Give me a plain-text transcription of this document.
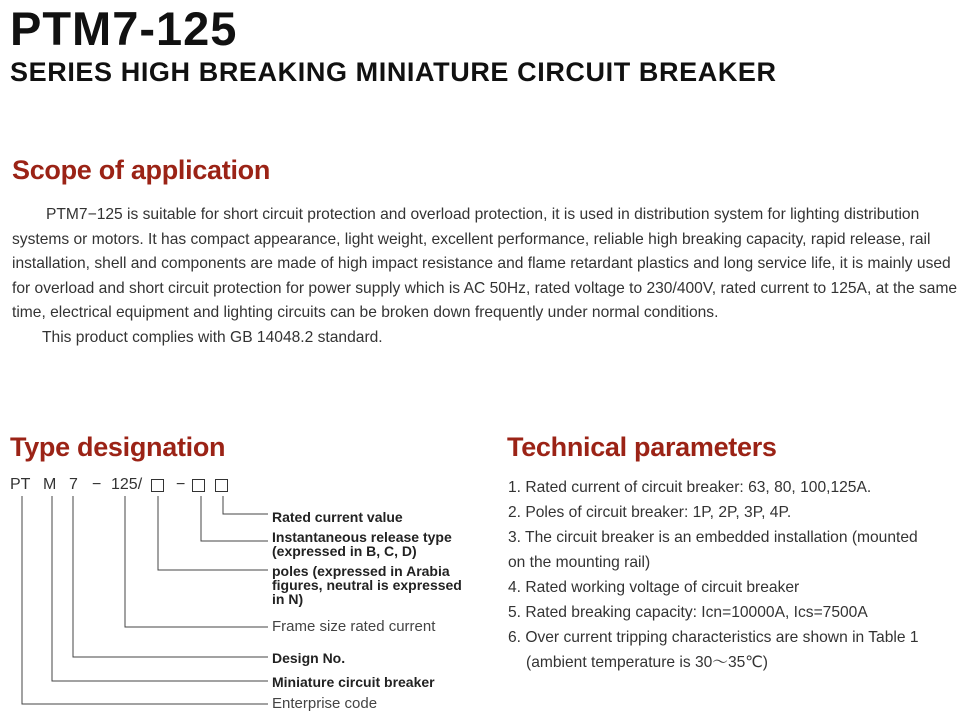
PTM7-125
SERIES HIGH BREAKING MINIATURE CIRCUIT BREAKER
Scope of application

PTM7−125 is suitable for short circuit protection and overload protection, it is used in distribution system for lighting distribution systems or motors. It has compact appearance, light weight, excellent performance, reliable high breaking capacity, rapid release, rail installation, shell and components are made of high impact resistance and flame retardant plastics and long service life, it is mainly used for overload and short circuit protection for power supply which is AC 50Hz, rated voltage to 230/400V, rated current to 125A, at the same time, electrical equipment and lighting circuits can be broken down frequently under normal conditions.

This product complies with GB 14048.2 standard.

Type designation
PT M 7 − 125/ −
Rated current value
Instantaneous release type
(expressed in B, C, D)
poles (expressed in Arabia
figures, neutral is expressed
in N)
Frame size rated current
Design No.
Miniature circuit breaker
Enterprise code
Technical parameters
1. Rated current of circuit breaker: 63, 80, 100,125A.
2. Poles of circuit breaker: 1P, 2P, 3P, 4P.
3. The circuit breaker is an embedded installation (mounted
on the mounting rail)
4. Rated working voltage of circuit breaker
5. Rated breaking capacity: Icn=10000A, Ics=7500A
6. Over current tripping characteristics are shown in Table 1
(ambient temperature is 30～35℃)
